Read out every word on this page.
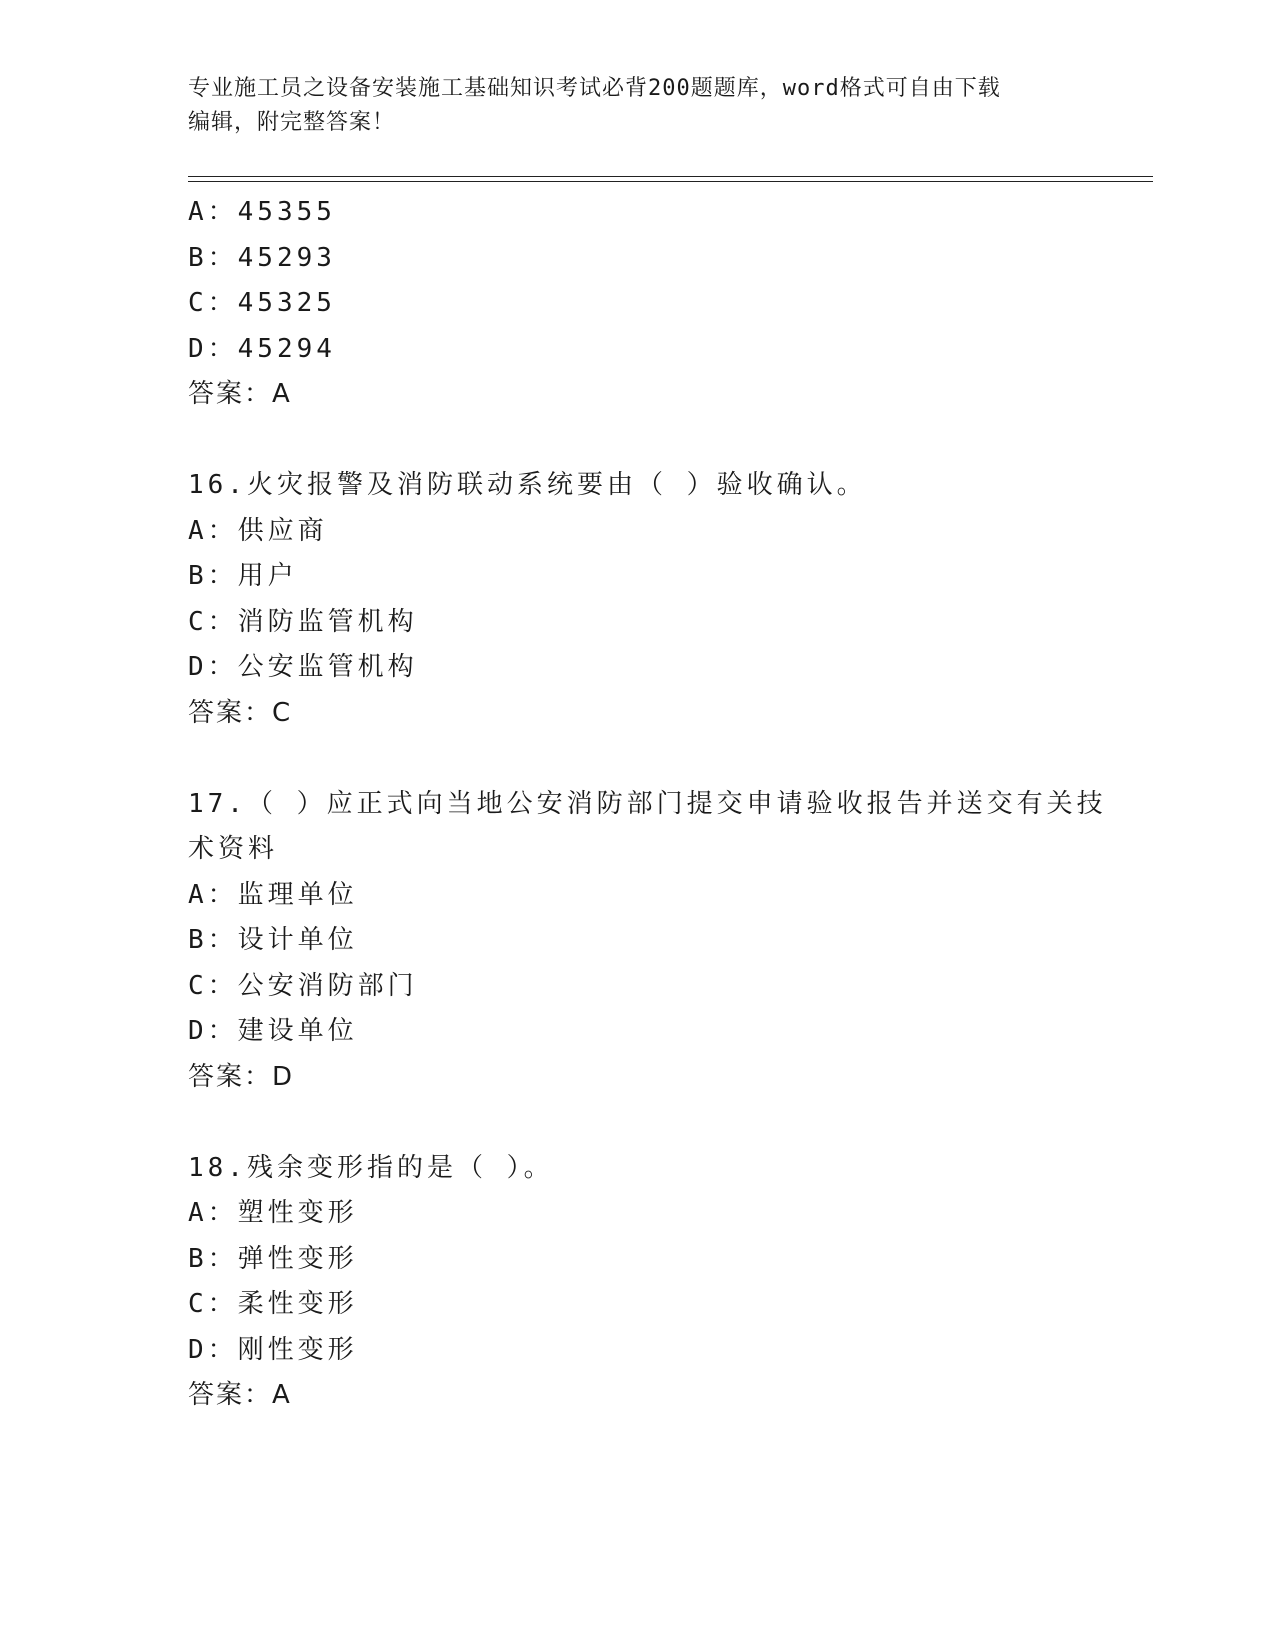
专业施工员之设备安装施工基础知识考试必背200题题库，word格式可自由下载
编辑，附完整答案！
A：45355
B：45293
C：45325
D：45294
答案：A
16.火灾报警及消防联动系统要由（ ）验收确认。
A：供应商
B：用户
C：消防监管机构
D：公安监管机构
答案：C
17.（ ）应正式向当地公安消防部门提交申请验收报告并送交有关技
术资料
A：监理单位
B：设计单位
C：公安消防部门
D：建设单位
答案：D
18.残余变形指的是（ ）。
A：塑性变形
B：弹性变形
C：柔性变形
D：刚性变形
答案：A
